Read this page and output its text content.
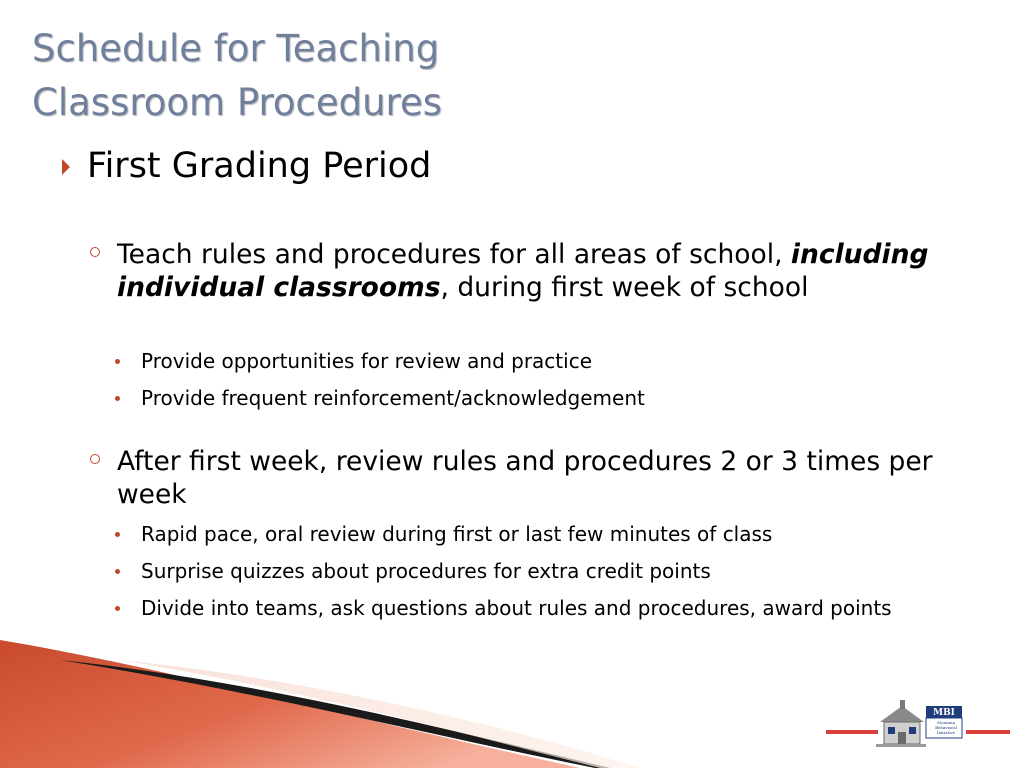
Schedule for Teaching
Classroom Procedures
First Grading Period
Teach rules and procedures for all areas of school, including individual classrooms, during first week of school
Provide opportunities for review and practice
Provide frequent reinforcement/acknowledgement
After first week, review rules and procedures 2 or 3 times per week
Rapid pace, oral review during first or last few minutes of class
Surprise quizzes about procedures for extra credit points
Divide into teams, ask questions about rules and procedures, award points
MBI
Montana
Behavioral
Initiative
